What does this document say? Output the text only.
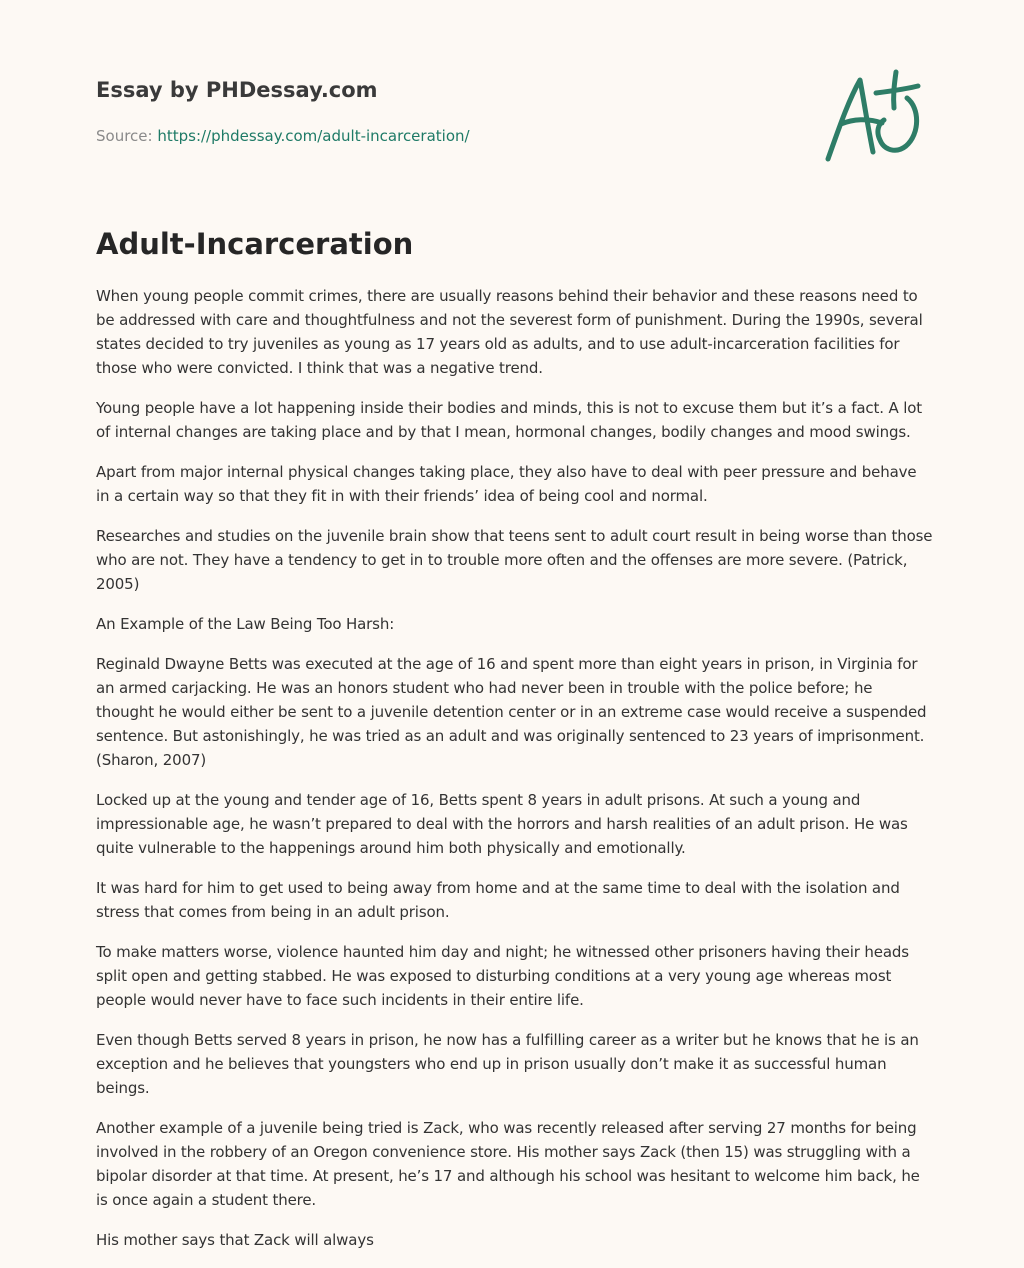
Essay by PHDessay.com
Source: https://phdessay.com/adult-incarceration/
Adult-Incarceration

When young people commit crimes, there are usually reasons behind their behavior and these reasons need to be addressed with care and thoughtfulness and not the severest form of punishment. During the 1990s, several states decided to try juveniles as young as 17 years old as adults, and to use adult-incarceration facilities for those who were convicted. I think that was a negative trend.

Young people have a lot happening inside their bodies and minds, this is not to excuse them but it’s a fact. A lot of internal changes are taking place and by that I mean, hormonal changes, bodily changes and mood swings.

Apart from major internal physical changes taking place, they also have to deal with peer pressure and behave in a certain way so that they fit in with their friends’ idea of being cool and normal.

Researches and studies on the juvenile brain show that teens sent to adult court result in being worse than those who are not. They have a tendency to get in to trouble more often and the offenses are more severe. (Patrick, 2005)

An Example of the Law Being Too Harsh:

Reginald Dwayne Betts was executed at the age of 16 and spent more than eight years in prison, in Virginia for an armed carjacking. He was an honors student who had never been in trouble with the police before; he thought he would either be sent to a juvenile detention center or in an extreme case would receive a suspended sentence. But astonishingly, he was tried as an adult and was originally sentenced to 23 years of imprisonment. (Sharon, 2007)

Locked up at the young and tender age of 16, Betts spent 8 years in adult prisons. At such a young and impressionable age, he wasn’t prepared to deal with the horrors and harsh realities of an adult prison. He was quite vulnerable to the happenings around him both physically and emotionally.

It was hard for him to get used to being away from home and at the same time to deal with the isolation and stress that comes from being in an adult prison.

To make matters worse, violence haunted him day and night; he witnessed other prisoners having their heads split open and getting stabbed. He was exposed to disturbing conditions at a very young age whereas most people would never have to face such incidents in their entire life.

Even though Betts served 8 years in prison, he now has a fulfilling career as a writer but he knows that he is an exception and he believes that youngsters who end up in prison usually don’t make it as successful human beings.

Another example of a juvenile being tried is Zack, who was recently released after serving 27 months for being involved in the robbery of an Oregon convenience store. His mother says Zack (then 15) was struggling with a bipolar disorder at that time. At present, he’s 17 and although his school was hesitant to welcome him back, he is once again a student there.

His mother says that Zack will always
